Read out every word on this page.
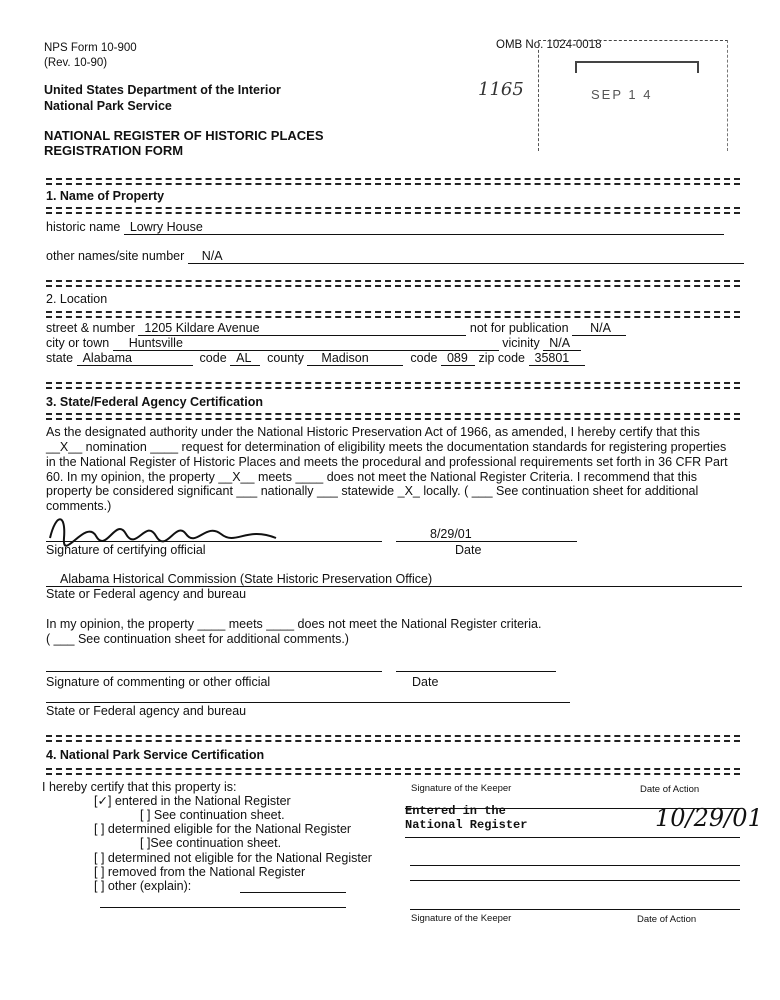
NPS Form 10-900
(Rev. 10-90)
United States Department of the Interior
National Park Service
NATIONAL REGISTER OF HISTORIC PLACES
REGISTRATION FORM
OMB No. 1024-0018
1165	SEP 1 4
1. Name of Property
historic name Lowry House
other names/site number N/A
2. Location
street & number 1205 Kildare Avenue	not for publication N/A
city or town Huntsville	vicinity N/A
state Alabama	code AL county Madison	code 089 zip code 35801
3. State/Federal Agency Certification
As the designated authority under the National Historic Preservation Act of 1966, as amended, I hereby certify that this
__X__ nomination ____ request for determination of eligibility meets the documentation standards for registering properties
in the National Register of Historic Places and meets the procedural and professional requirements set forth in 36 CFR Part
60. In my opinion, the property __X__ meets ____ does not meet the National Register Criteria. I recommend that this
property be considered significant ___ nationally ___ statewide _X_ locally. ( ___ See continuation sheet for additional
comments.)
8/29/01
Signature of certifying official	Date
Alabama Historical Commission (State Historic Preservation Office)
State or Federal agency and bureau
In my opinion, the property ____ meets ____ does not meet the National Register criteria.
( ___ See continuation sheet for additional comments.)
Signature of commenting or other official	Date
State or Federal agency and bureau
4. National Park Service Certification
I hereby certify that this property is:
[✓] entered in the National Register
[ ] See continuation sheet.
[ ] determined eligible for the National Register
[ ]See continuation sheet.
[ ] determined not eligible for the National Register
[ ] removed from the National Register
[ ] other (explain):
Signature of the Keeper	Date of Action
Entered in the
National Register	10/29/01
Signature of the Keeper	Date of Action
